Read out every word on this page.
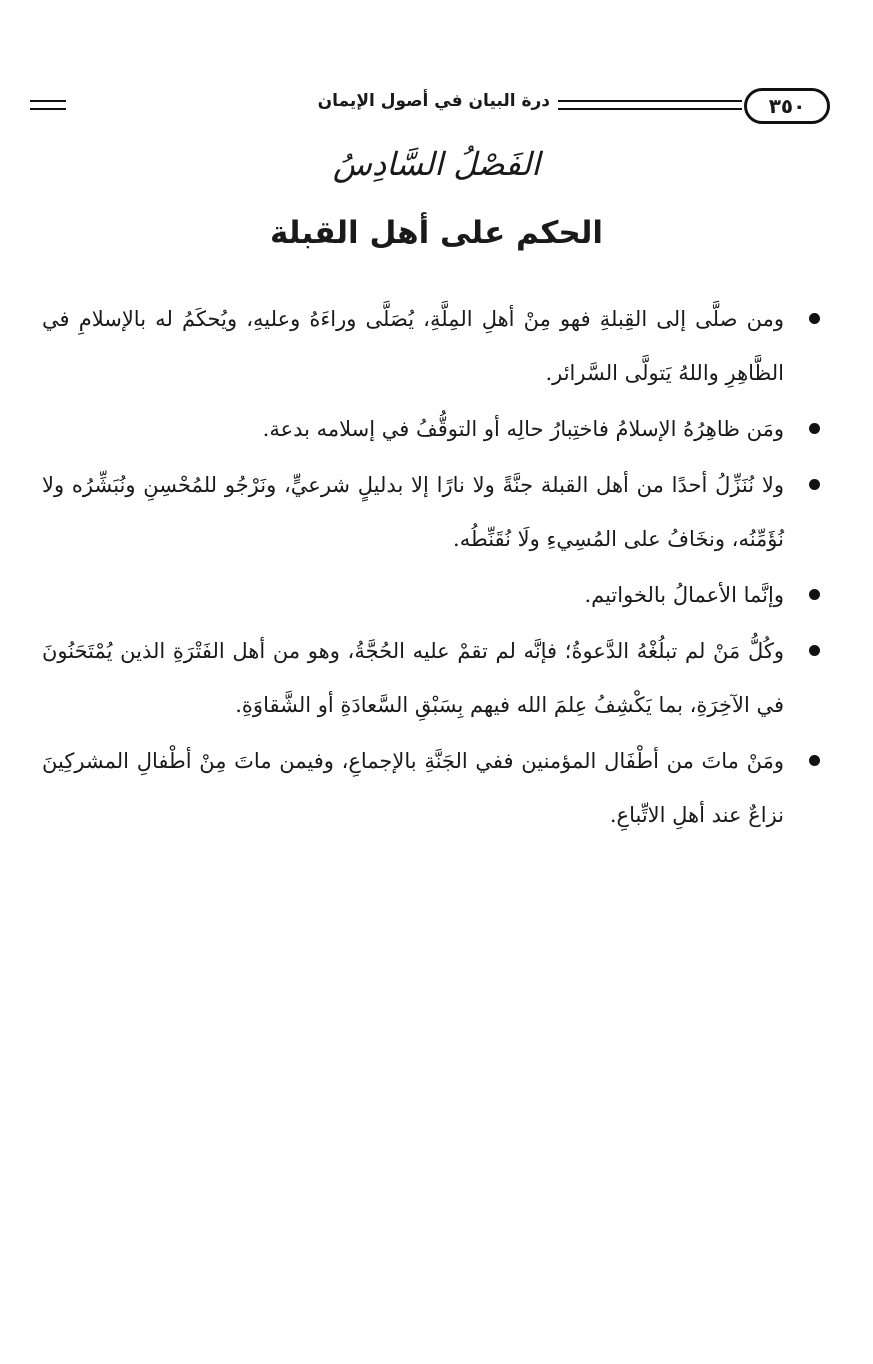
درة البيان في أصول الإيمان	٣٥٠
الفَصْلُ السَّادِسُ
الحكم على أهل القبلة
ومن صلَّى إلى القِبلةِ فهو مِنْ أهلِ المِلَّةِ، يُصَلَّى وراءَهُ وعليهِ، ويُحكَمُ له بالإسلامِ في الظَّاهِرِ واللهُ يَتولَّى السَّرائر.
ومَن ظاهِرُهُ الإسلامُ فاختِبارُ حالِه أو التوقُّفُ في إسلامه بدعة.
ولا نُنَزِّلُ أحدًا من أهل القبلة جنَّةً ولا نارًا إلا بدليلٍ شرعيٍّ، ونَرْجُو للمُحْسِنِ ونُبَشِّرُه ولا نُؤَمِّنُه، ونخَافُ على المُسِيءِ ولَا نُقَنِّطُه.
وإنَّما الأعمالُ بالخواتيم.
وكُلُّ مَنْ لم تبلُغْهُ الدَّعوةُ؛ فإنَّه لم تقمْ عليه الحُجَّةُ، وهو من أهل الفَتْرَةِ الذين يُمْتَحَنُونَ في الآخِرَةِ، بما يَكْشِفُ عِلمَ الله فيهم بِسَبْقِ السَّعادَةِ أو الشَّقاوَةِ.
ومَنْ ماتَ من أطْفَال المؤمنين ففي الجَنَّةِ بالإجماعِ، وفيمن ماتَ مِنْ أطْفالِ المشركِينَ نزاعٌ عند أهلِ الاتِّباعِ.
